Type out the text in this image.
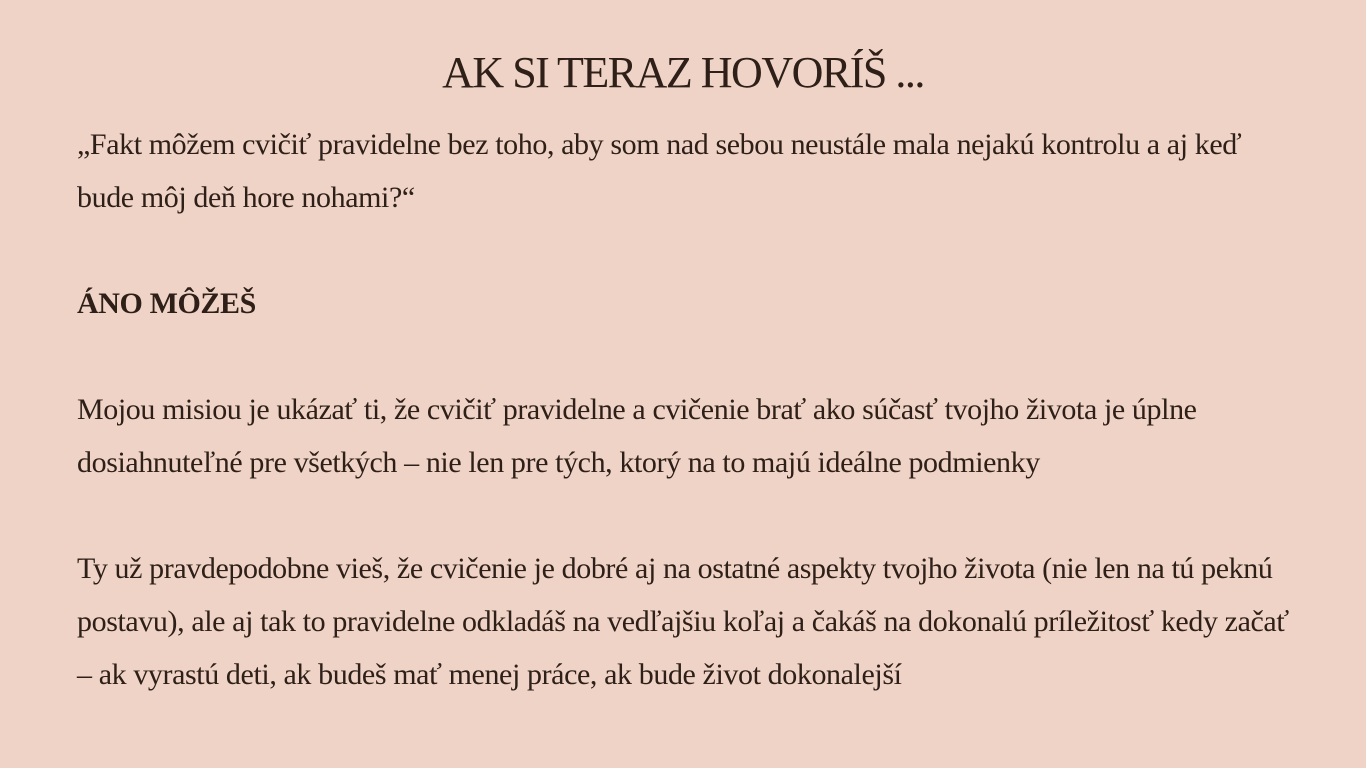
AK SI TERAZ HOVORÍŠ ...

„Fakt môžem cvičiť pravidelne bez toho, aby som nad sebou neustále mala nejakú kontrolu a aj keď bude môj deň hore nohami?“

ÁNO MÔŽEŠ

Mojou misiou je ukázať ti, že cvičiť pravidelne a cvičenie brať ako súčasť tvojho života je úplne dosiahnuteľné pre všetkých – nie len pre tých, ktorý na to majú ideálne podmienky

Ty už pravdepodobne vieš, že cvičenie je dobré aj na ostatné aspekty tvojho života (nie len na tú peknú postavu), ale aj tak to pravidelne odkladáš na vedľajšiu koľaj a čakáš na dokonalú príležitosť kedy začať – ak vyrastú deti, ak budeš mať menej práce, ak bude život dokonalejší
